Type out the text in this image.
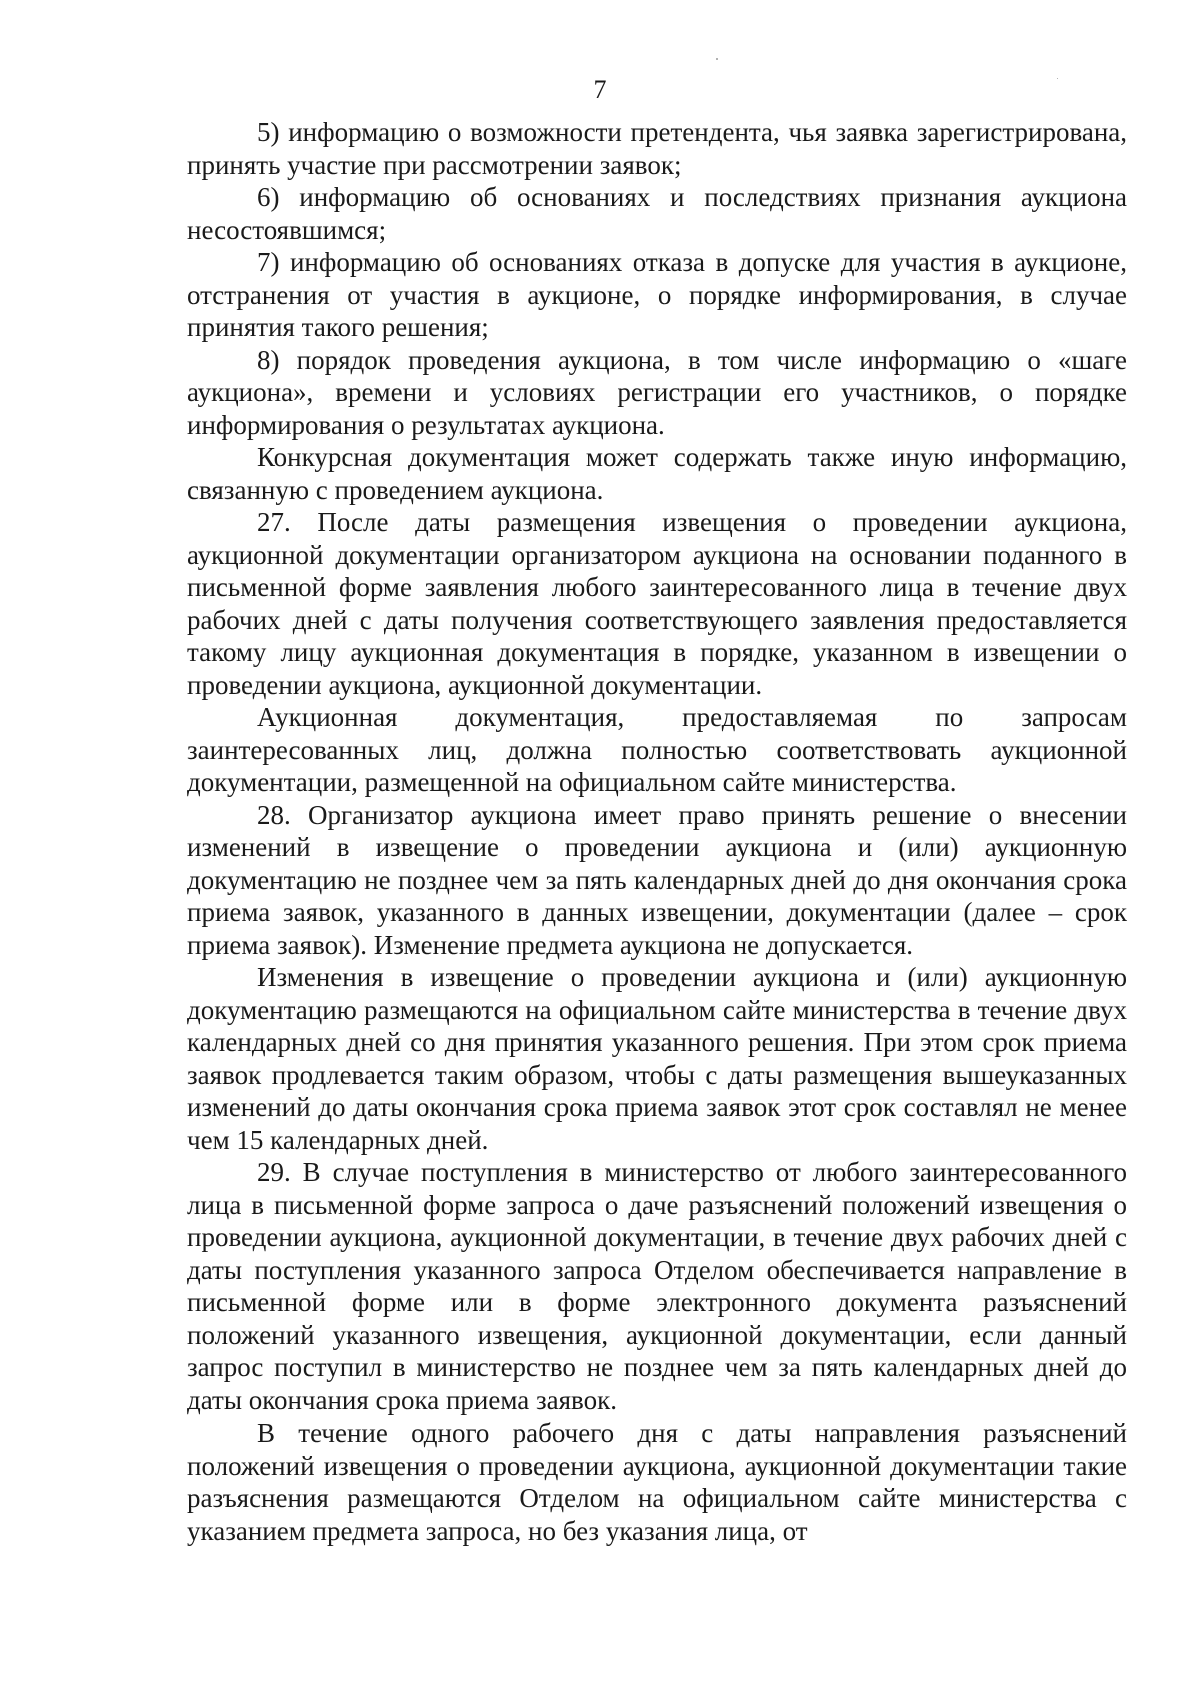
7

5) информацию о возможности претендента, чья заявка зарегистрирована, принять участие при рассмотрении заявок;

6) информацию об основаниях и последствиях признания аукциона несостоявшимся;

7) информацию об основаниях отказа в допуске для участия в аукционе, отстранения от участия в аукционе, о порядке информирования, в случае принятия такого решения;

8) порядок проведения аукциона, в том числе информацию о «шаге аукциона», времени и условиях регистрации его участников, о порядке информирования о результатах аукциона.

Конкурсная документация может содержать также иную информацию, связанную с проведением аукциона.

27. После даты размещения извещения о проведении аукциона, аукционной документации организатором аукциона на основании поданного в письменной форме заявления любого заинтересованного лица в течение двух рабочих дней с даты получения соответствующего заявления предоставляется такому лицу аукционная документация в порядке, указанном в извещении о проведении аукциона, аукционной документации.

Аукционная документация, предоставляемая по запросам заинтересованных лиц, должна полностью соответствовать аукционной документации, размещенной на официальном сайте министерства.

28. Организатор аукциона имеет право принять решение о внесении изменений в извещение о проведении аукциона и (или) аукционную документацию не позднее чем за пять календарных дней до дня окончания срока приема заявок, указанного в данных извещении, документации (далее – срок приема заявок). Изменение предмета аукциона не допускается.

Изменения в извещение о проведении аукциона и (или) аукционную документацию размещаются на официальном сайте министерства в течение двух календарных дней со дня принятия указанного решения. При этом срок приема заявок продлевается таким образом, чтобы с даты размещения вышеуказанных изменений до даты окончания срока приема заявок этот срок составлял не менее чем 15 календарных дней.

29. В случае поступления в министерство от любого заинтересованного лица в письменной форме запроса о даче разъяснений положений извещения о проведении аукциона, аукционной документации, в течение двух рабочих дней с даты поступления указанного запроса Отделом обеспечивается направление в письменной форме или в форме электронного документа разъяснений положений указанного извещения, аукционной документации, если данный запрос поступил в министерство не позднее чем за пять календарных дней до даты окончания срока приема заявок.

В течение одного рабочего дня с даты направления разъяснений положений извещения о проведении аукциона, аукционной документации такие разъяснения размещаются Отделом на официальном сайте министерства с указанием предмета запроса, но без указания лица, от
